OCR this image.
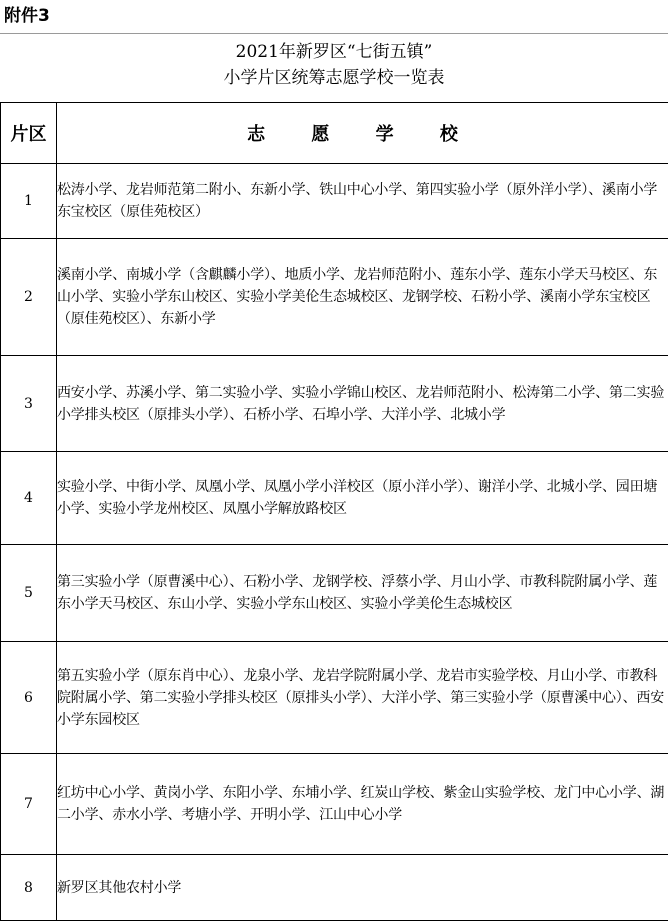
附件3
2021年新罗区“七街五镇”
小学片区统筹志愿学校一览表
片区	志 愿 学 校
1	松涛小学、龙岩师范第二附小、东新小学、铁山中心小学、第四实验小学（原外洋小学）、溪南小学东宝校区（原佳苑校区）
2	溪南小学、南城小学（含麒麟小学）、地质小学、龙岩师范附小、莲东小学、莲东小学天马校区、东山小学、实验小学东山校区、实验小学美伦生态城校区、龙钢学校、石粉小学、溪南小学东宝校区（原佳苑校区）、东新小学
3	西安小学、苏溪小学、第二实验小学、实验小学锦山校区、龙岩师范附小、松涛第二小学、第二实验小学排头校区（原排头小学）、石桥小学、石埠小学、大洋小学、北城小学
4	实验小学、中街小学、凤凰小学、凤凰小学小洋校区（原小洋小学）、谢洋小学、北城小学、园田塘小学、实验小学龙州校区、凤凰小学解放路校区
5	第三实验小学（原曹溪中心）、石粉小学、龙钢学校、浮蔡小学、月山小学、市教科院附属小学、莲东小学天马校区、东山小学、实验小学东山校区、实验小学美伦生态城校区
6	第五实验小学（原东肖中心）、龙泉小学、龙岩学院附属小学、龙岩市实验学校、月山小学、市教科院附属小学、第二实验小学排头校区（原排头小学）、大洋小学、第三实验小学（原曹溪中心）、西安小学东园校区
7	红坊中心小学、黄岗小学、东阳小学、东埔小学、红炭山学校、紫金山实验学校、龙门中心小学、湖二小学、赤水小学、考塘小学、开明小学、江山中心小学
8	新罗区其他农村小学
